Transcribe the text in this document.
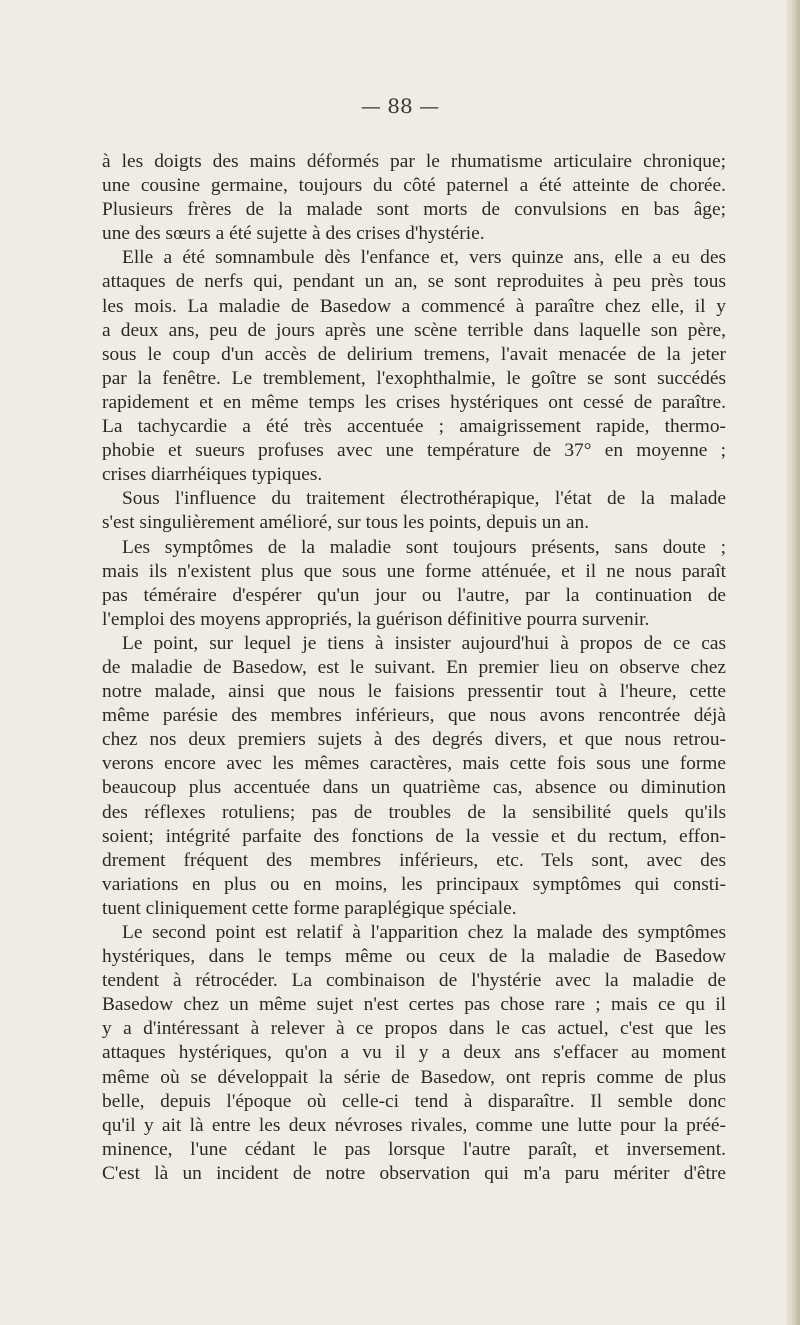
— 88 —
à les doigts des mains déformés par le rhumatisme articulaire chronique;
une cousine germaine, toujours du côté paternel a été atteinte de chorée.
Plusieurs frères de la malade sont morts de convulsions en bas âge;
une des sœurs a été sujette à des crises d'hystérie.
Elle a été somnambule dès l'enfance et, vers quinze ans, elle a eu des
attaques de nerfs qui, pendant un an, se sont reproduites à peu près tous
les mois. La maladie de Basedow a commencé à paraître chez elle, il y
a deux ans, peu de jours après une scène terrible dans laquelle son père,
sous le coup d'un accès de delirium tremens, l'avait menacée de la jeter
par la fenêtre. Le tremblement, l'exophthalmie, le goître se sont succédés
rapidement et en même temps les crises hystériques ont cessé de paraître.
La tachycardie a été très accentuée ; amaigrissement rapide, thermo-
phobie et sueurs profuses avec une température de 37° en moyenne ;
crises diarrhéiques typiques.
Sous l'influence du traitement électrothérapique, l'état de la malade
s'est singulièrement amélioré, sur tous les points, depuis un an.
Les symptômes de la maladie sont toujours présents, sans doute ;
mais ils n'existent plus que sous une forme atténuée, et il ne nous paraît
pas téméraire d'espérer qu'un jour ou l'autre, par la continuation de
l'emploi des moyens appropriés, la guérison définitive pourra survenir.
Le point, sur lequel je tiens à insister aujourd'hui à propos de ce cas
de maladie de Basedow, est le suivant. En premier lieu on observe chez
notre malade, ainsi que nous le faisions pressentir tout à l'heure, cette
même parésie des membres inférieurs, que nous avons rencontrée déjà
chez nos deux premiers sujets à des degrés divers, et que nous retrou-
verons encore avec les mêmes caractères, mais cette fois sous une forme
beaucoup plus accentuée dans un quatrième cas, absence ou diminution
des réflexes rotuliens; pas de troubles de la sensibilité quels qu'ils
soient; intégrité parfaite des fonctions de la vessie et du rectum, effon-
drement fréquent des membres inférieurs, etc. Tels sont, avec des
variations en plus ou en moins, les principaux symptômes qui consti-
tuent cliniquement cette forme paraplégique spéciale.
Le second point est relatif à l'apparition chez la malade des symptômes
hystériques, dans le temps même ou ceux de la maladie de Basedow
tendent à rétrocéder. La combinaison de l'hystérie avec la maladie de
Basedow chez un même sujet n'est certes pas chose rare ; mais ce qu il
y a d'intéressant à relever à ce propos dans le cas actuel, c'est que les
attaques hystériques, qu'on a vu il y a deux ans s'effacer au moment
même où se développait la série de Basedow, ont repris comme de plus
belle, depuis l'époque où celle-ci tend à disparaître. Il semble donc
qu'il y ait là entre les deux névroses rivales, comme une lutte pour la préé-
minence, l'une cédant le pas lorsque l'autre paraît, et inversement.
C'est là un incident de notre observation qui m'a paru mériter d'être
